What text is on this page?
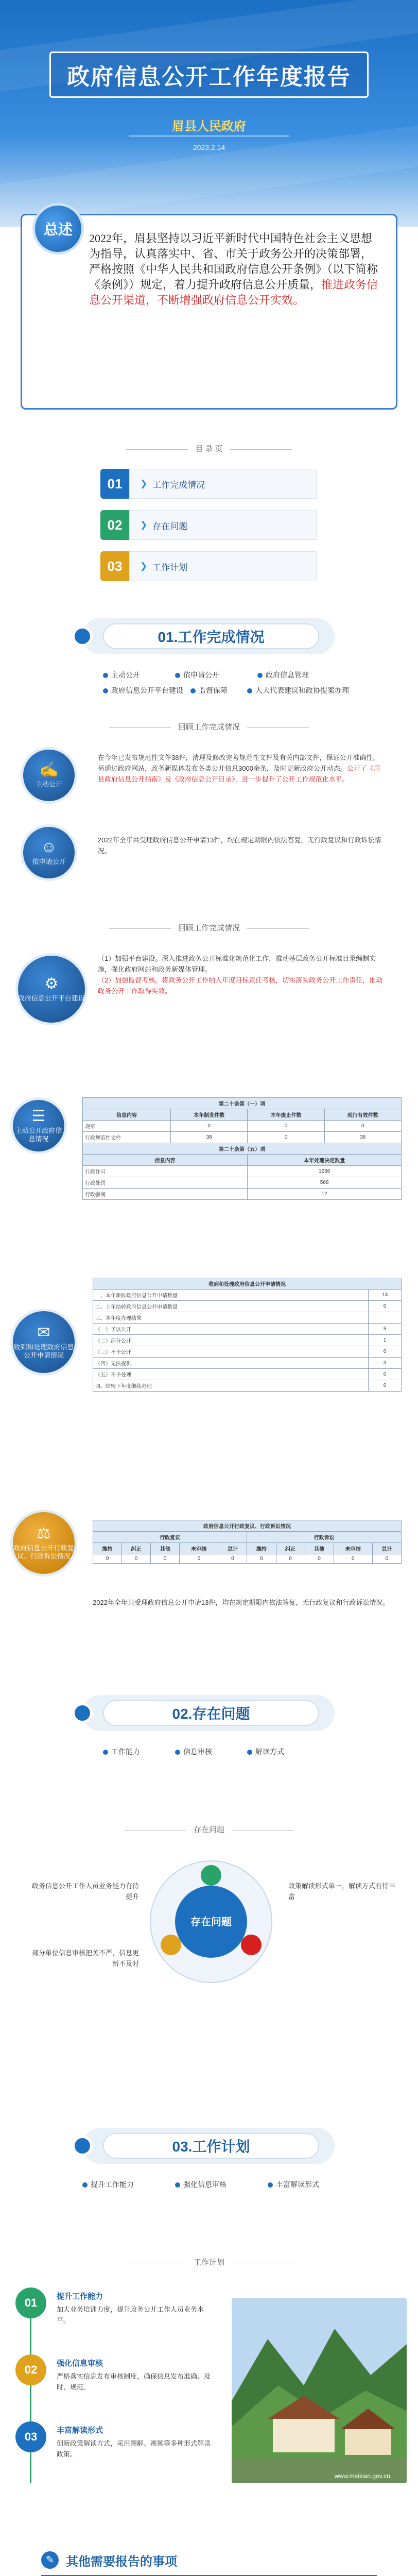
政府信息公开工作年度报告
眉县人民政府
2023.2.14
总述
2022年，眉县坚持以习近平新时代中国特色社会主义思想为指导，认真落实中、省、市关于政务公开的决策部署，严格按照《中华人民共和国政府信息公开条例》（以下简称《条例》）规定，着力提升政府信息公开质量，推进政务信息公开渠道，不断增强政府信息公开实效。
目 录 页
01	❯ 工作完成情况
02	❯ 存在问题
03	❯ 工作计划
01.工作完成情况
主动公开	依申请公开	政府信息管理
政府信息公开平台建设	监督保障	人大代表建议和政协提案办理
回顾工作完成情况
✍
主动公开
☺
依申请公开
在今年已发布规范性文件38件，清理及修改完善规范性文件及有关内部文件，保证公开准确性，另通过政府网站，政务新媒体发布各类公开信息3000余条，及时更新政府公开动态。公开了《眉县政府信息公开指南》及《政府信息公开目录》，进一步提升了公开工作规范化水平。
2022年全年共受理政府信息公开申请13件，均在规定期限内依法答复，无行政复议和行政诉讼情况。
回顾工作完成情况
⚙
政府信息公开平台建设
（1）加强平台建设。深入推进政务公开标准化规范化工作，推动基层政务公开标准目录编制实施，强化政府网站和政务新媒体管理。
（2）加强监督考核。将政务公开工作纳入年度目标责任考核，切实落实政务公开工作责任，推动政务公开工作取得实效。
☰
主动公开政府信息情况
第二十条第（一）项			
信息内容	本年制发件数	本年废止件数	现行有效件数
规章	0	0	0
行政规范性文件	38	0	38
第二十条第（五）项			
信息内容		本年处理决定数量	
行政许可		1236	
行政处罚		568	
行政强制		12	
✉
收到和处理政府信息公开申请情况
收到和处理政府信息公开申请情况	
一、本年新收政府信息公开申请数量	13
二、上年结转政府信息公开申请数量	0
三、本年度办理结果	
（一）予以公开	9
（二）部分公开	1
（三）不予公开	0
（四）无法提供	3
（五）不予处理	0
四、结转下年度继续办理	0
⚖
政府信息公开行政复议、行政诉讼情况
政府信息公开行政复议、行政诉讼情况									
行政复议					行政诉讼				
维持	纠正	其他	未审结	总计	维持	纠正	其他	未审结	总计
0	0	0	0	0	0	0	0	0	0
2022年全年共受理政府信息公开申请13件，均在规定期限内依法答复，无行政复议和行政诉讼情况。
02.存在问题
工作能力	信息审核	解读方式
存在问题
存在问题
政务信息公开工作人员业务能力有待提升
政策解读形式单一，解读方式有待丰富
部分单位信息审核把关不严，信息更新不及时
03.工作计划
提升工作能力	强化信息审核	丰富解读形式
工作计划
01	提升工作能力
加大业务培训力度，提升政务公开工作人员业务水平。
02	强化信息审核
严格落实信息发布审核制度，确保信息发布准确、及时、规范。
03	丰富解读形式
创新政策解读方式，采用图解、视频等多种形式解读政策。
www.meixian.gov.cn
✎ 其他需要报告的事项
